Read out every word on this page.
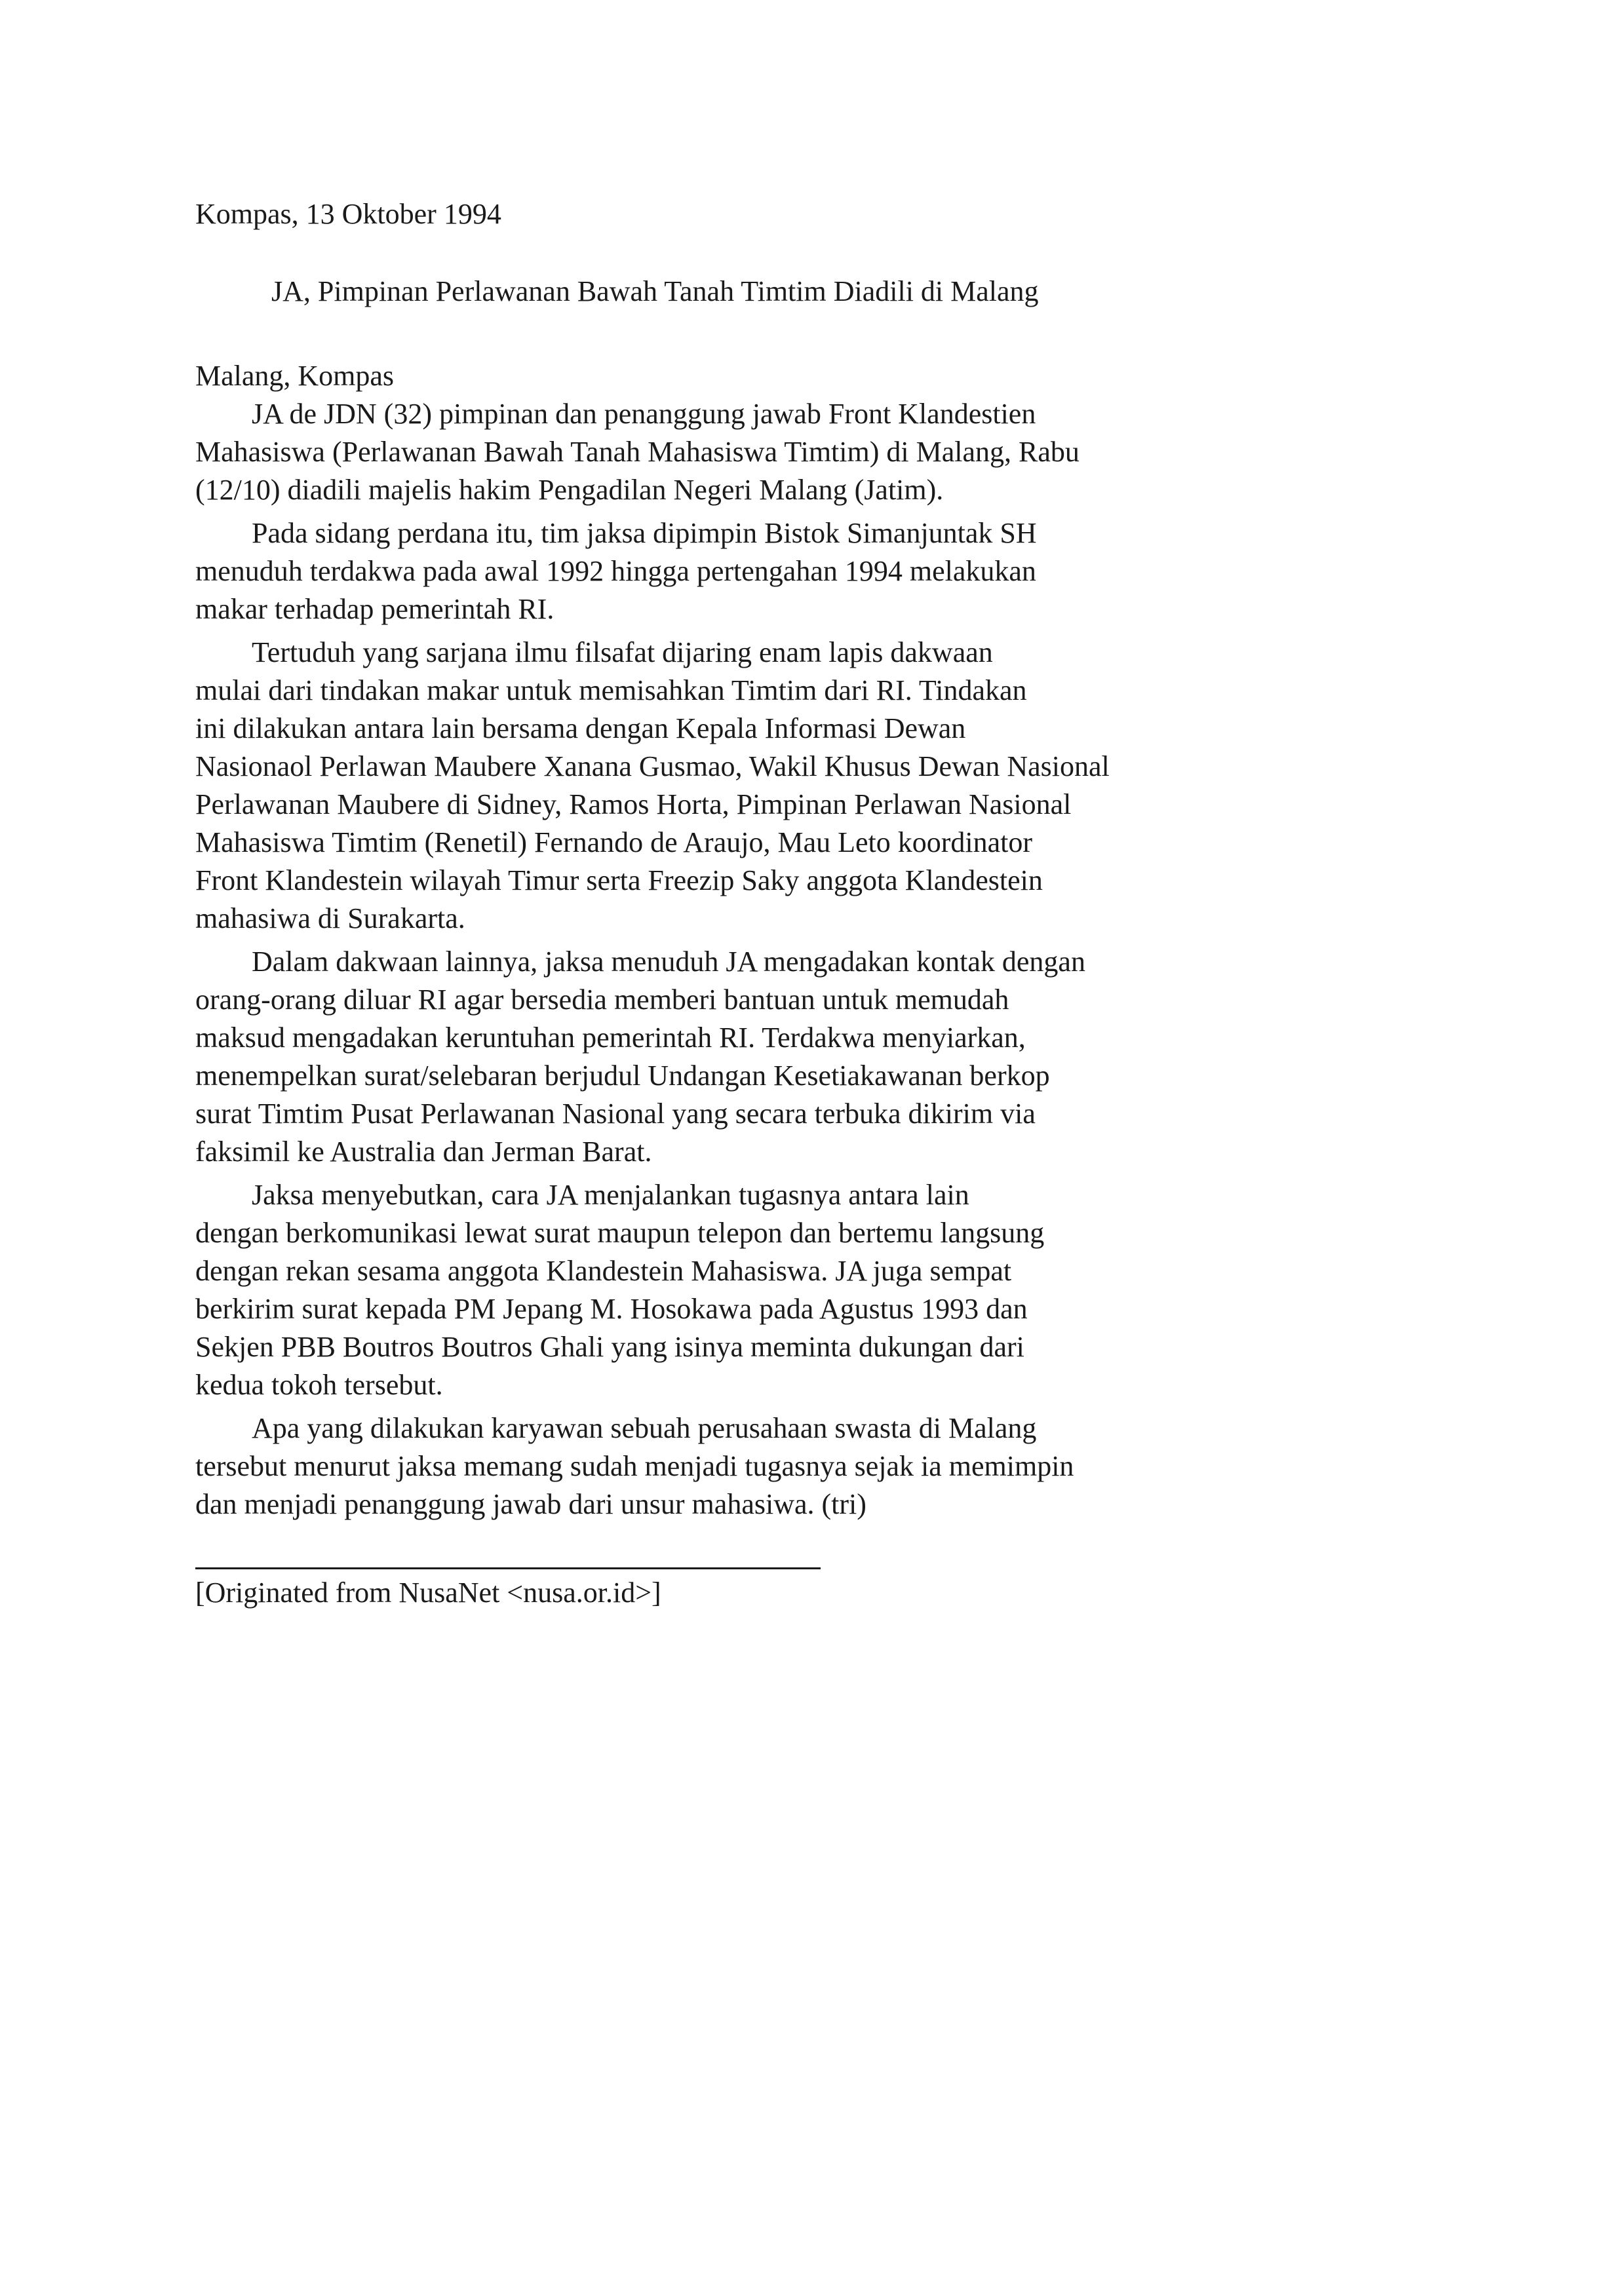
Kompas, 13 Oktober 1994

JA, Pimpinan Perlawanan Bawah Tanah Timtim Diadili di Malang

Malang, Kompas

JA de JDN (32) pimpinan dan penanggung jawab Front Klandestien
Mahasiswa (Perlawanan Bawah Tanah Mahasiswa Timtim) di Malang, Rabu
(12/10) diadili majelis hakim Pengadilan Negeri Malang (Jatim).

Pada sidang perdana itu, tim jaksa dipimpin Bistok Simanjuntak SH
menuduh terdakwa pada awal 1992 hingga pertengahan 1994 melakukan
makar terhadap pemerintah RI.

Tertuduh yang sarjana ilmu filsafat dijaring enam lapis dakwaan
mulai dari tindakan makar untuk memisahkan Timtim dari RI. Tindakan
ini dilakukan antara lain bersama dengan Kepala Informasi Dewan
Nasionaol Perlawan Maubere Xanana Gusmao, Wakil Khusus Dewan Nasional
Perlawanan Maubere di Sidney, Ramos Horta, Pimpinan Perlawan Nasional
Mahasiswa Timtim (Renetil) Fernando de Araujo, Mau Leto koordinator
Front Klandestein wilayah Timur serta Freezip Saky anggota Klandestein
mahasiwa di Surakarta.

Dalam dakwaan lainnya, jaksa menuduh JA mengadakan kontak dengan
orang-orang diluar RI agar bersedia memberi bantuan untuk memudah
maksud mengadakan keruntuhan pemerintah RI. Terdakwa menyiarkan,
menempelkan surat/selebaran berjudul Undangan Kesetiakawanan berkop
surat Timtim Pusat Perlawanan Nasional yang secara terbuka dikirim via
faksimil ke Australia dan Jerman Barat.

Jaksa menyebutkan, cara JA menjalankan tugasnya antara lain
dengan berkomunikasi lewat surat maupun telepon dan bertemu langsung
dengan rekan sesama anggota Klandestein Mahasiswa. JA juga sempat
berkirim surat kepada PM Jepang M. Hosokawa pada Agustus 1993 dan
Sekjen PBB Boutros Boutros Ghali yang isinya meminta dukungan dari
kedua tokoh tersebut.

Apa yang dilakukan karyawan sebuah perusahaan swasta di Malang
tersebut menurut jaksa memang sudah menjadi tugasnya sejak ia memimpin
dan menjadi penanggung jawab dari unsur mahasiwa. (tri)

[Originated from NusaNet <nusa.or.id>]
